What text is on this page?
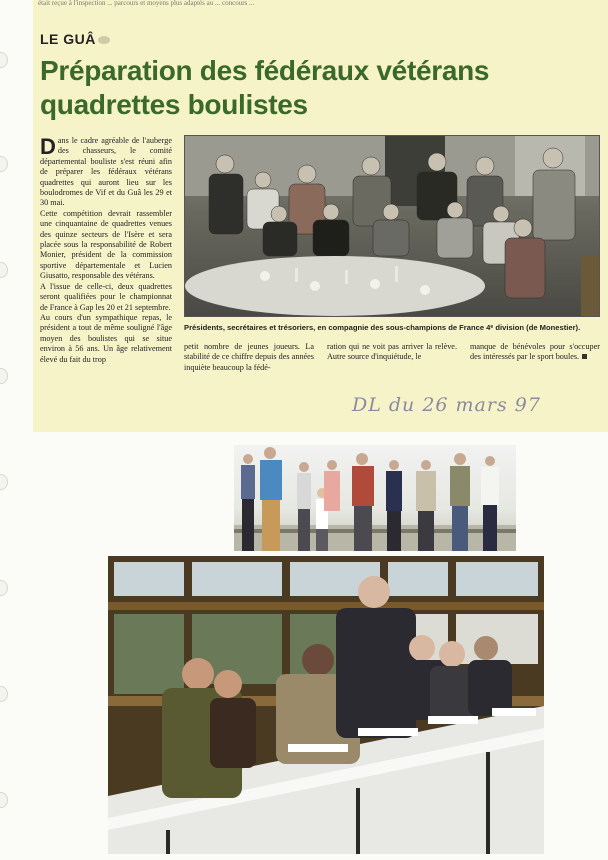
était reçue à l'inspection ... parcours et moyens plus adaptés au ... concours ...
LE GUÂ
Préparation des fédéraux vétérans quadrettes boulistes

Dans le cadre agréable de l'auberge des chasseurs, le comité départemental bouliste s'est réuni afin de préparer les fédéraux vétérans quadrettes qui auront lieu sur les boulodromes de Vif et du Guâ les 29 et 30 mai.

Cette compétition devrait rassembler une cinquantaine de quadrettes venues des quinze secteurs de l'Isère et sera placée sous la responsabilité de Robert Monier, président de la commission sportive départementale et Lucien Giusatto, responsable des vétérans.

A l'issue de celle-ci, deux quadrettes seront qualifiées pour le championnat de France à Gap les 20 et 21 septembre.

Au cours d'un sympathique repas, le président a tout de même souligné l'âge moyen des boulistes qui se situe environ à 56 ans. Un âge relativement élevé du fait du trop

Présidents, secrétaires et trésoriers, en compagnie des sous-champions de France 4ᵉ division (de Monestier).
petit nombre de jeunes joueurs. La stabilité de ce chiffre depuis des années inquiète beaucoup la fédé-
ration qui ne voit pas arriver la relève. Autre source d'inquiétude, le
manque de bénévoles pour s'occuper des intéressés par le sport boules.
DL du 26 mars 97
